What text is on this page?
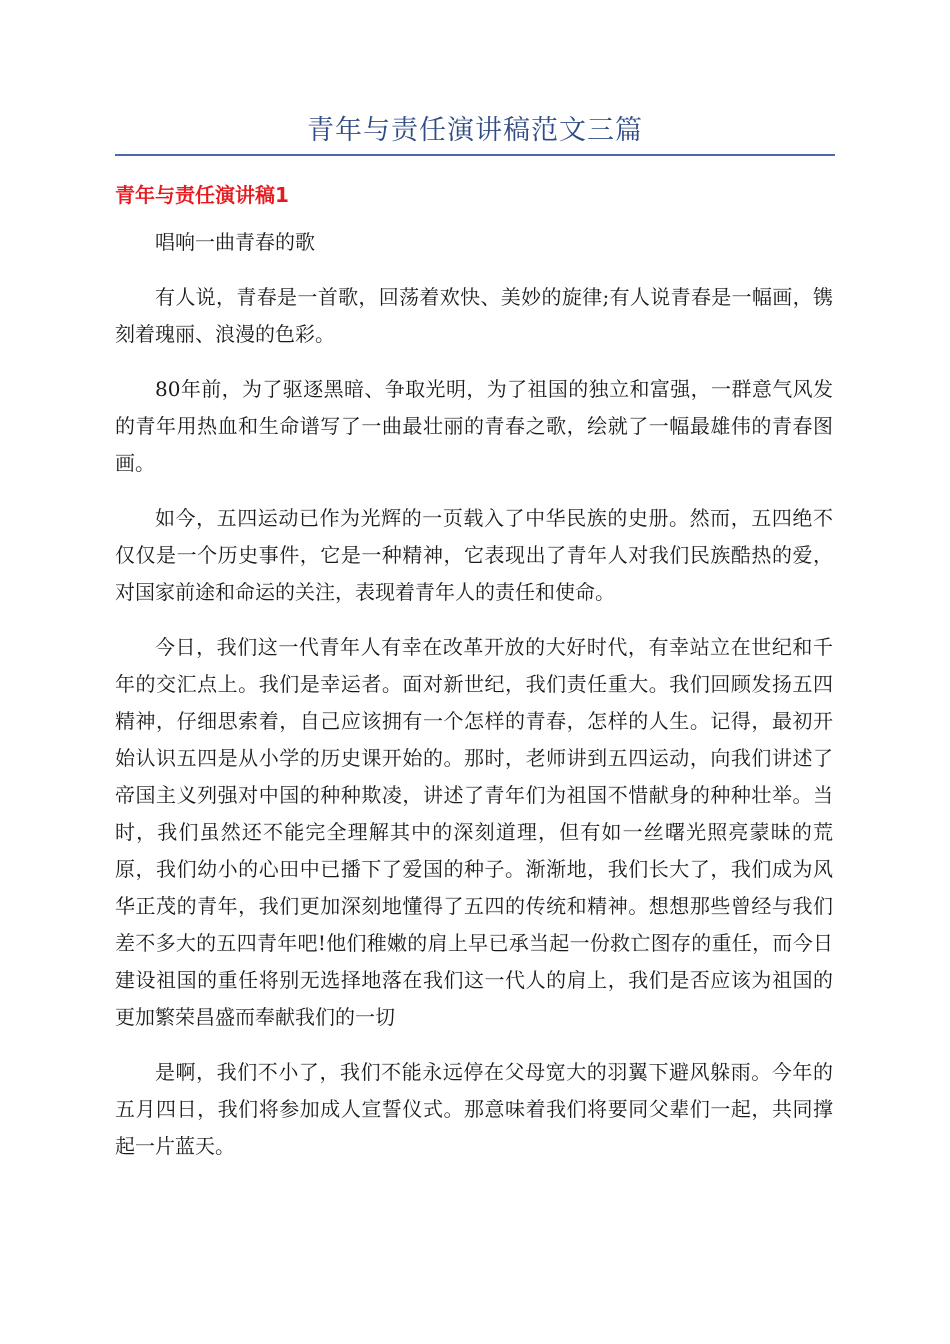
青年与责任演讲稿范文三篇
青年与责任演讲稿1

唱响一曲青春的歌

有人说，青春是一首歌，回荡着欢快、美妙的旋律;有人说青春是一幅画，镌刻着瑰丽、浪漫的色彩。

80年前，为了驱逐黑暗、争取光明，为了祖国的独立和富强，一群意气风发的青年用热血和生命谱写了一曲最壮丽的青春之歌，绘就了一幅最雄伟的青春图画。

如今，五四运动已作为光辉的一页载入了中华民族的史册。然而，五四绝不仅仅是一个历史事件，它是一种精神，它表现出了青年人对我们民族酷热的爱，对国家前途和命运的关注，表现着青年人的责任和使命。

今日，我们这一代青年人有幸在改革开放的大好时代，有幸站立在世纪和千年的交汇点上。我们是幸运者。面对新世纪，我们责任重大。我们回顾发扬五四精神，仔细思索着，自己应该拥有一个怎样的青春，怎样的人生。记得，最初开始认识五四是从小学的历史课开始的。那时，老师讲到五四运动，向我们讲述了帝国主义列强对中国的种种欺凌，讲述了青年们为祖国不惜献身的种种壮举。当时，我们虽然还不能完全理解其中的深刻道理，但有如一丝曙光照亮蒙昧的荒原，我们幼小的心田中已播下了爱国的种子。渐渐地，我们长大了，我们成为风华正茂的青年，我们更加深刻地懂得了五四的传统和精神。想想那些曾经与我们差不多大的五四青年吧!他们稚嫩的肩上早已承当起一份救亡图存的重任，而今日建设祖国的重任将别无选择地落在我们这一代人的肩上，我们是否应该为祖国的更加繁荣昌盛而奉献我们的一切

是啊，我们不小了，我们不能永远停在父母宽大的羽翼下避风躲雨。今年的五月四日，我们将参加成人宣誓仪式。那意味着我们将要同父辈们一起，共同撑起一片蓝天。
